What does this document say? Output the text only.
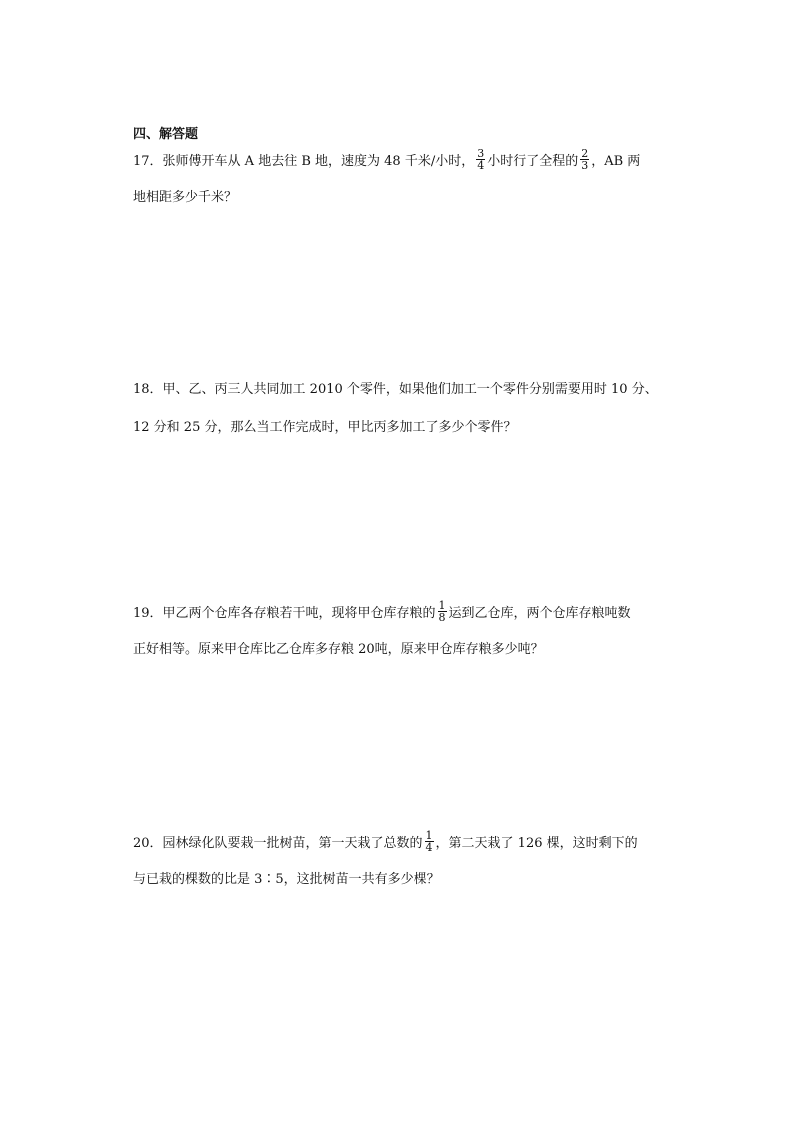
四、解答题
17．张师傅开车从 A 地去往 B 地，速度为 48 千米/小时， $\frac{3}{4}$ 小时行了全程的 $\frac{2}{3}$ ，AB 两
地相距多少千米？
18．甲、乙、丙三人共同加工 2010 个零件，如果他们加工一个零件分别需要用时 10 分、
12 分和 25 分，那么当工作完成时，甲比丙多加工了多少个零件？
19．甲乙两个仓库各存粮若干吨，现将甲仓库存粮的 $\frac{1}{8}$ 运到乙仓库，两个仓库存粮吨数
正好相等。原来甲仓库比乙仓库多存粮 20吨，原来甲仓库存粮多少吨？
20．园林绿化队要栽一批树苗，第一天栽了总数的 $\frac{1}{4}$ ，第二天栽了 126 棵，这时剩下的
与已栽的棵数的比是 3∶5，这批树苗一共有多少棵？
